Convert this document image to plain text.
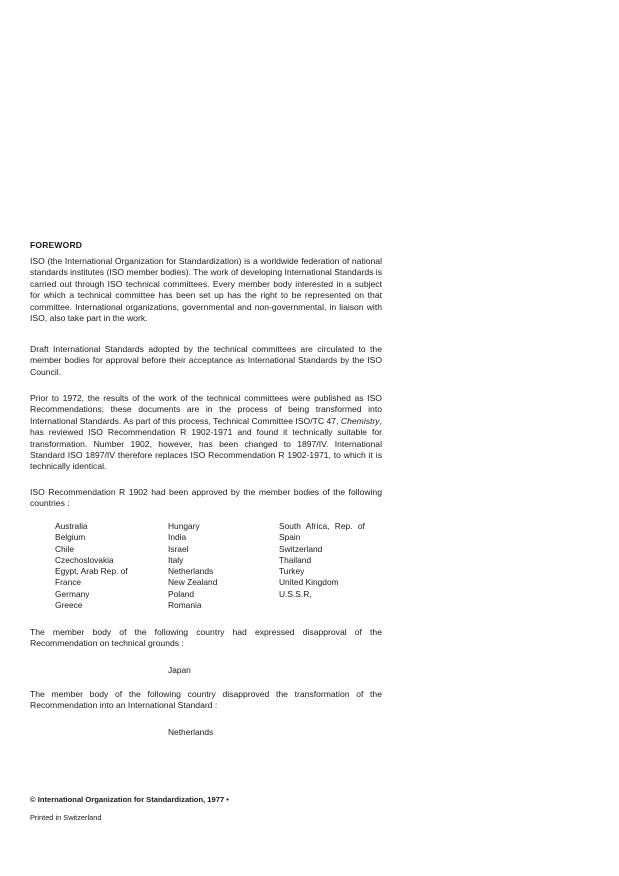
FOREWORD
ISO (the International Organization for Standardization) is a worldwide federation of national standards institutes (ISO member bodies). The work of developing International Standards is carried out through ISO technical committees. Every member body interested in a subject for which a technical committee has been set up has the right to be represented on that committee. International organizations, governmental and non-governmental, in liaison with ISO, also take part in the work.
Draft International Standards adopted by the technical committees are circulated to the member bodies for approval before their acceptance as International Standards by the ISO Council.
Prior to 1972, the results of the work of the technical committees were published as ISO Recommendations; these documents are in the process of being transformed into International Standards. As part of this process, Technical Committee ISO/TC 47, Chemistry, has reviewed ISO Recommendation R 1902-1971 and found it technically suitable for transformation. Number 1902, however, has been changed to 1897/IV. International Standard ISO 1897/IV therefore replaces ISO Recommendation R 1902-1971, to which it is technically identical.
ISO Recommendation R 1902 had been approved by the member bodies of the following countries :
Australia
Belgium
Chile
Czechoslovakia
Egypt, Arab Rep. of
France
Germany
Greece
Hungary
India
Israel
Italy
Netherlands
New Zealand
Poland
Romania
South Africa, Rep. of
Spain
Switzerland
Thailand
Turkey
United Kingdom
U.S.S.R.
The member body of the following country had expressed disapproval of the Recommendation on technical grounds :
Japan
The member body of the following country disapproved the transformation of the Recommendation into an International Standard :
Netherlands
© International Organization for Standardization, 1977 •
Printed in Switzerland
